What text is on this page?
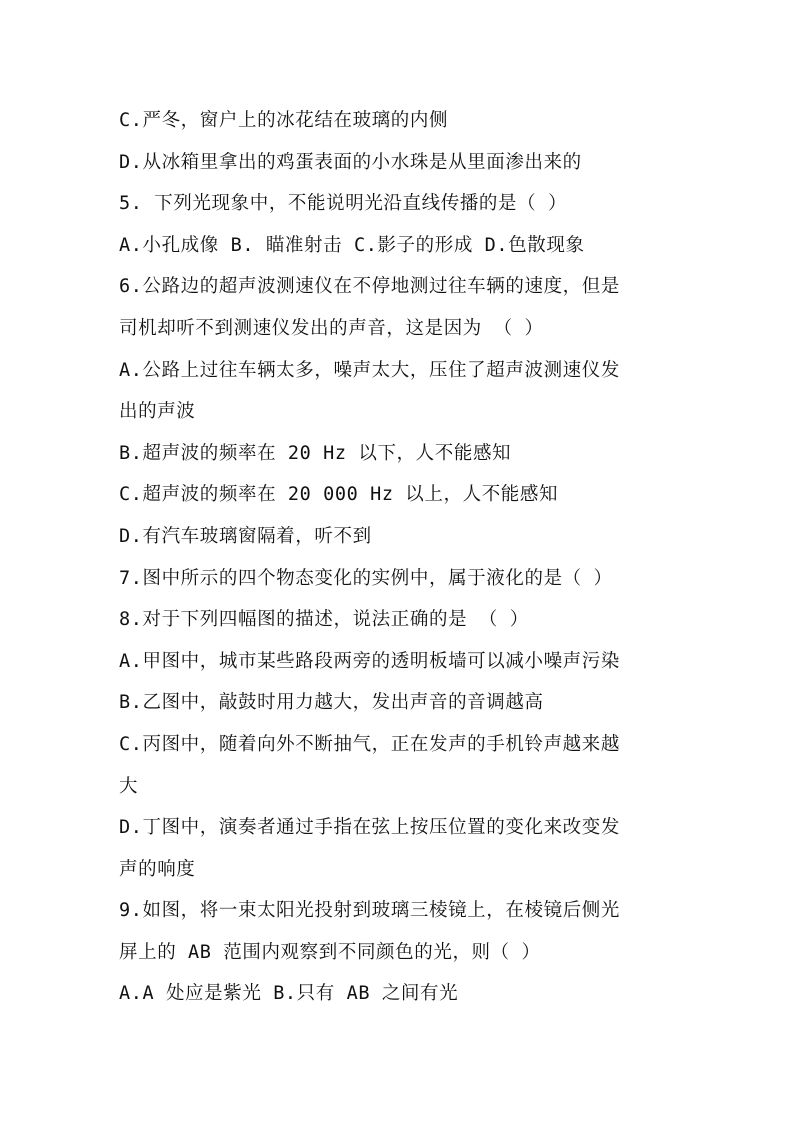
C.严冬，窗户上的冰花结在玻璃的内侧
D.从冰箱里拿出的鸡蛋表面的小水珠是从里面渗出来的
5. 下列光现象中，不能说明光沿直线传播的是（ ）
A.小孔成像 B. 瞄准射击 C.影子的形成 D.色散现象
6.公路边的超声波测速仪在不停地测过往车辆的速度，但是
司机却听不到测速仪发出的声音，这是因为 （ ）
A.公路上过往车辆太多，噪声太大，压住了超声波测速仪发
出的声波
B.超声波的频率在 20 Hz 以下，人不能感知
C.超声波的频率在 20 000 Hz 以上，人不能感知
D.有汽车玻璃窗隔着，听不到
7.图中所示的四个物态变化的实例中，属于液化的是（ ）
8.对于下列四幅图的描述，说法正确的是 （ ）
A.甲图中，城市某些路段两旁的透明板墙可以减小噪声污染
B.乙图中，敲鼓时用力越大，发出声音的音调越高
C.丙图中，随着向外不断抽气，正在发声的手机铃声越来越
大
D.丁图中，演奏者通过手指在弦上按压位置的变化来改变发
声的响度
9.如图，将一束太阳光投射到玻璃三棱镜上，在棱镜后侧光
屏上的 AB 范围内观察到不同颜色的光，则（ ）
A.A 处应是紫光 B.只有 AB 之间有光
